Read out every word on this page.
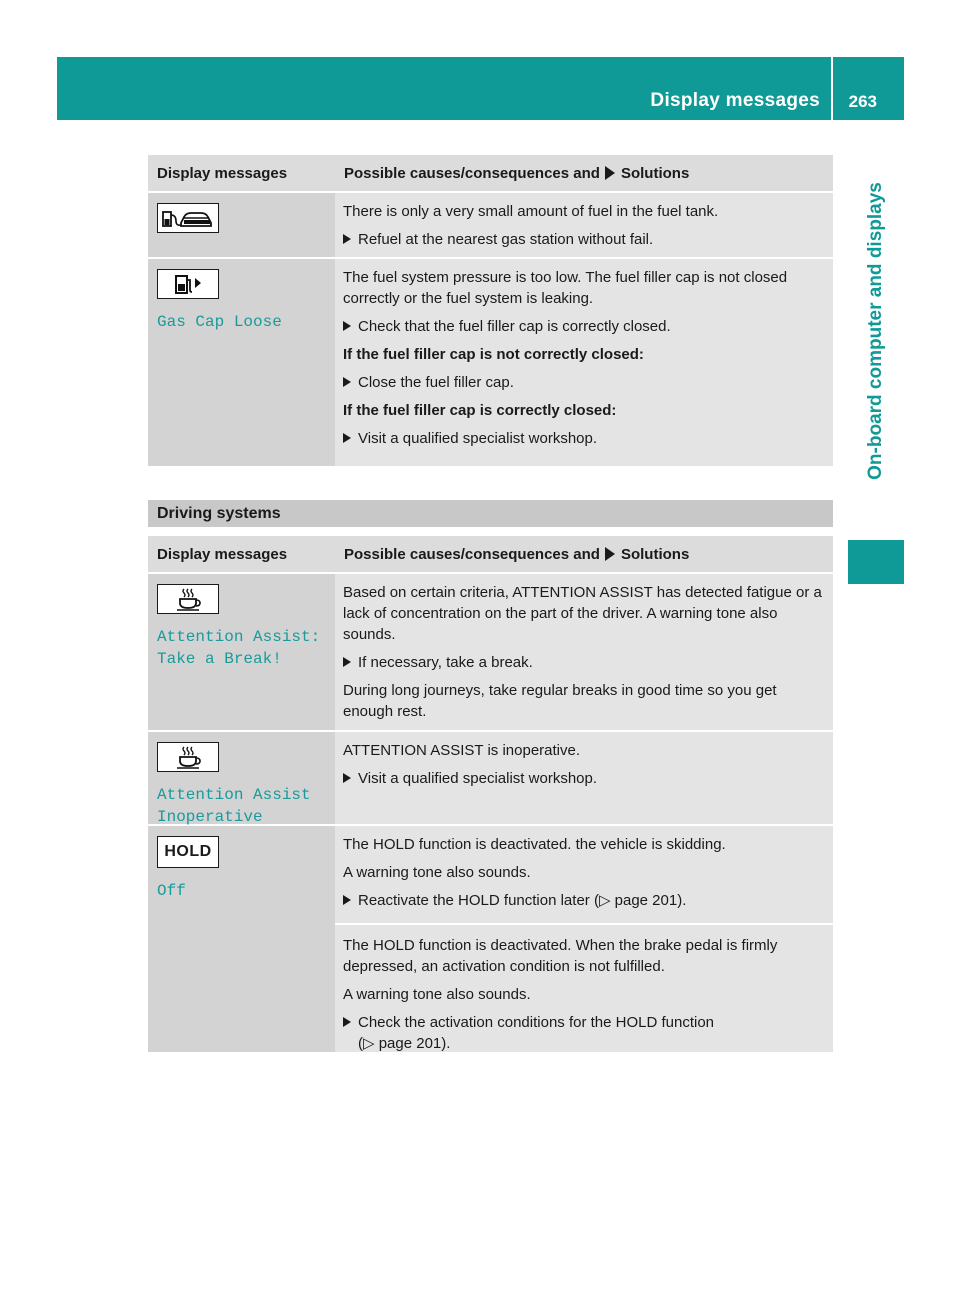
Display messages 263
On-board computer and displays
Display messages	Possible causes/consequences and Solutions

There is only a very small amount of fuel in the fuel tank.

Refuel at the nearest gas station without fail.
Gas Cap Loose

The fuel system pressure is too low. The fuel filler cap is not closed correctly or the fuel system is leaking.

Check that the fuel filler cap is correctly closed.

If the fuel filler cap is not correctly closed:

Close the fuel filler cap.

If the fuel filler cap is correctly closed:

Visit a qualified specialist workshop.
Driving systems
Display messages	Possible causes/consequences and Solutions
Attention Assist:
Take a Break!

Based on certain criteria, ATTENTION ASSIST has detected fatigue or a lack of concentration on the part of the driver. A warning tone also sounds.

If necessary, take a break.

During long journeys, take regular breaks in good time so you get enough rest.

Attention Assist
Inoperative

ATTENTION ASSIST is inoperative.

Visit a qualified specialist workshop.
HOLD
Off

The HOLD function is deactivated. the vehicle is skidding.

A warning tone also sounds.

Reactivate the HOLD function later (▷ page 201).

The HOLD function is deactivated. When the brake pedal is firmly depressed, an activation condition is not fulfilled.

A warning tone also sounds.

Check the activation conditions for the HOLD function
(▷ page 201).
